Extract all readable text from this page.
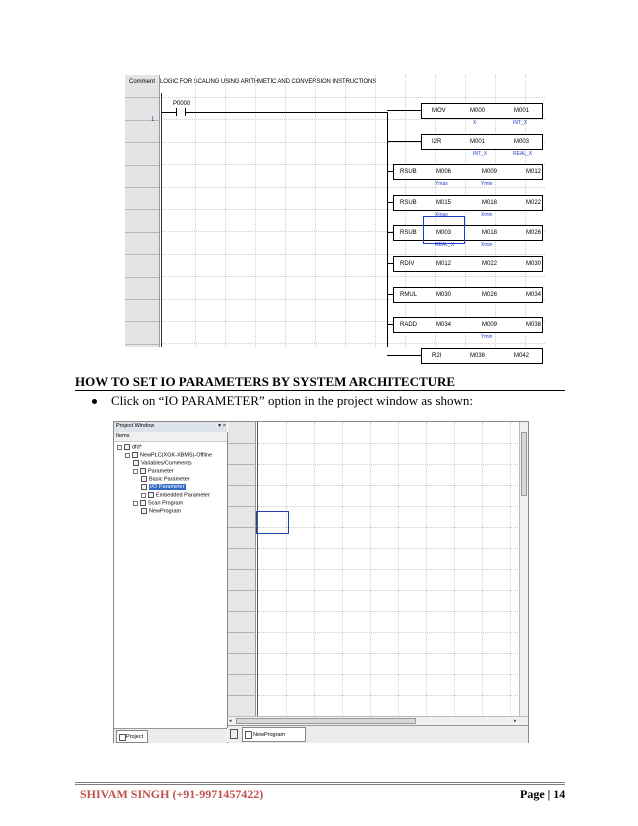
Comment LOGIC FOR SCALING USING ARITHMETIC AND CONVERSION INSTRUCTIONS
1
P0000
MOV	M000	M001
X	INT_X
I2R	M001	M003
INT_X	REAL_X
RSUB	M006	M009	M012
Ymax	Ymin
RSUB	M015	M018	M022
Xmax	Xmin
RSUB	M003	M018	M026
REAL_X	Xmin
RDIV	M012	M022	M030
RMUL	M030	M026	M034
RADD	M034	M009	M038
Ymin
R2I	M038	M042
HOW TO SET IO PARAMETERS BY SYSTEM ARCHITECTURE
Click on “IO PARAMETER” option in the project window as shown:
Project Window	▾ ×
Items
dfd*
NewPLC(XGK-XBMS)-Offline
Variables/Comments
Parameter
Basic Parameter
I/O Parameter
Embedded Parameter
Scan Program
NewProgram
Project
◂	▸
NewProgram
SHIVAM SINGH (+91-9971457422)	Page | 14
